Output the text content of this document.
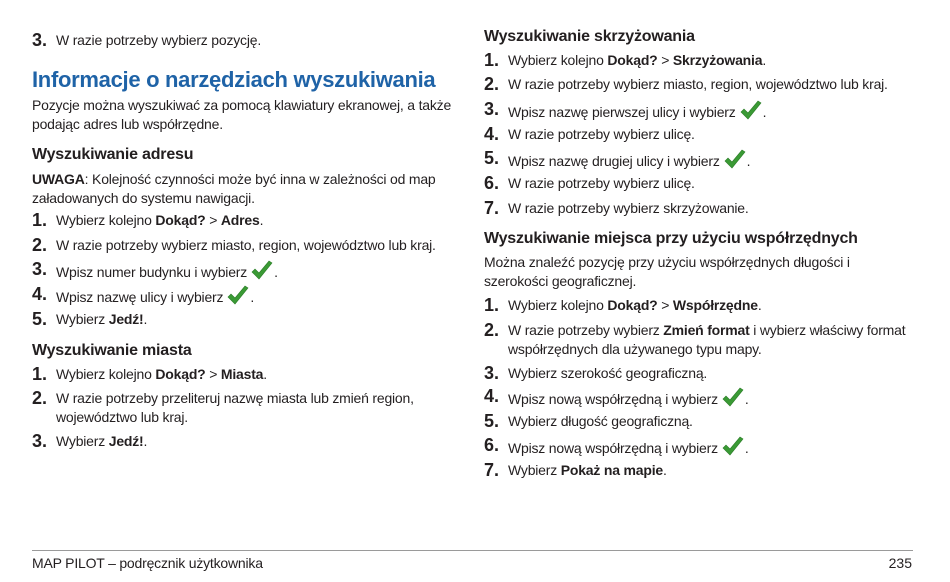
3. W razie potrzeby wybierz pozycję.
Informacje o narzędziach wyszukiwania
Pozycje można wyszukiwać za pomocą klawiatury ekranowej, a także podając adres lub współrzędne.
Wyszukiwanie adresu
UWAGA: Kolejność czynności może być inna w zależności od map załadowanych do systemu nawigacji.
1. Wybierz kolejno Dokąd? > Adres.
2. W razie potrzeby wybierz miasto, region, województwo lub kraj.
3. Wpisz numer budynku i wybierz .
4. Wpisz nazwę ulicy i wybierz .
5. Wybierz Jedź!.
Wyszukiwanie miasta
1. Wybierz kolejno Dokąd? > Miasta.
2. W razie potrzeby przeliteruj nazwę miasta lub zmień region, województwo lub kraj.
3. Wybierz Jedź!.
Wyszukiwanie skrzyżowania
1. Wybierz kolejno Dokąd? > Skrzyżowania.
2. W razie potrzeby wybierz miasto, region, województwo lub kraj.
3. Wpisz nazwę pierwszej ulicy i wybierz .
4. W razie potrzeby wybierz ulicę.
5. Wpisz nazwę drugiej ulicy i wybierz .
6. W razie potrzeby wybierz ulicę.
7. W razie potrzeby wybierz skrzyżowanie.
Wyszukiwanie miejsca przy użyciu współrzędnych
Można znaleźć pozycję przy użyciu współrzędnych długości i szerokości geograficznej.
1. Wybierz kolejno Dokąd? > Współrzędne.
2. W razie potrzeby wybierz Zmień format i wybierz właściwy format współrzędnych dla używanego typu mapy.
3. Wybierz szerokość geograficzną.
4. Wpisz nową współrzędną i wybierz .
5. Wybierz długość geograficzną.
6. Wpisz nową współrzędną i wybierz .
7. Wybierz Pokaż na mapie.
MAP PILOT – podręcznik użytkownika	235
